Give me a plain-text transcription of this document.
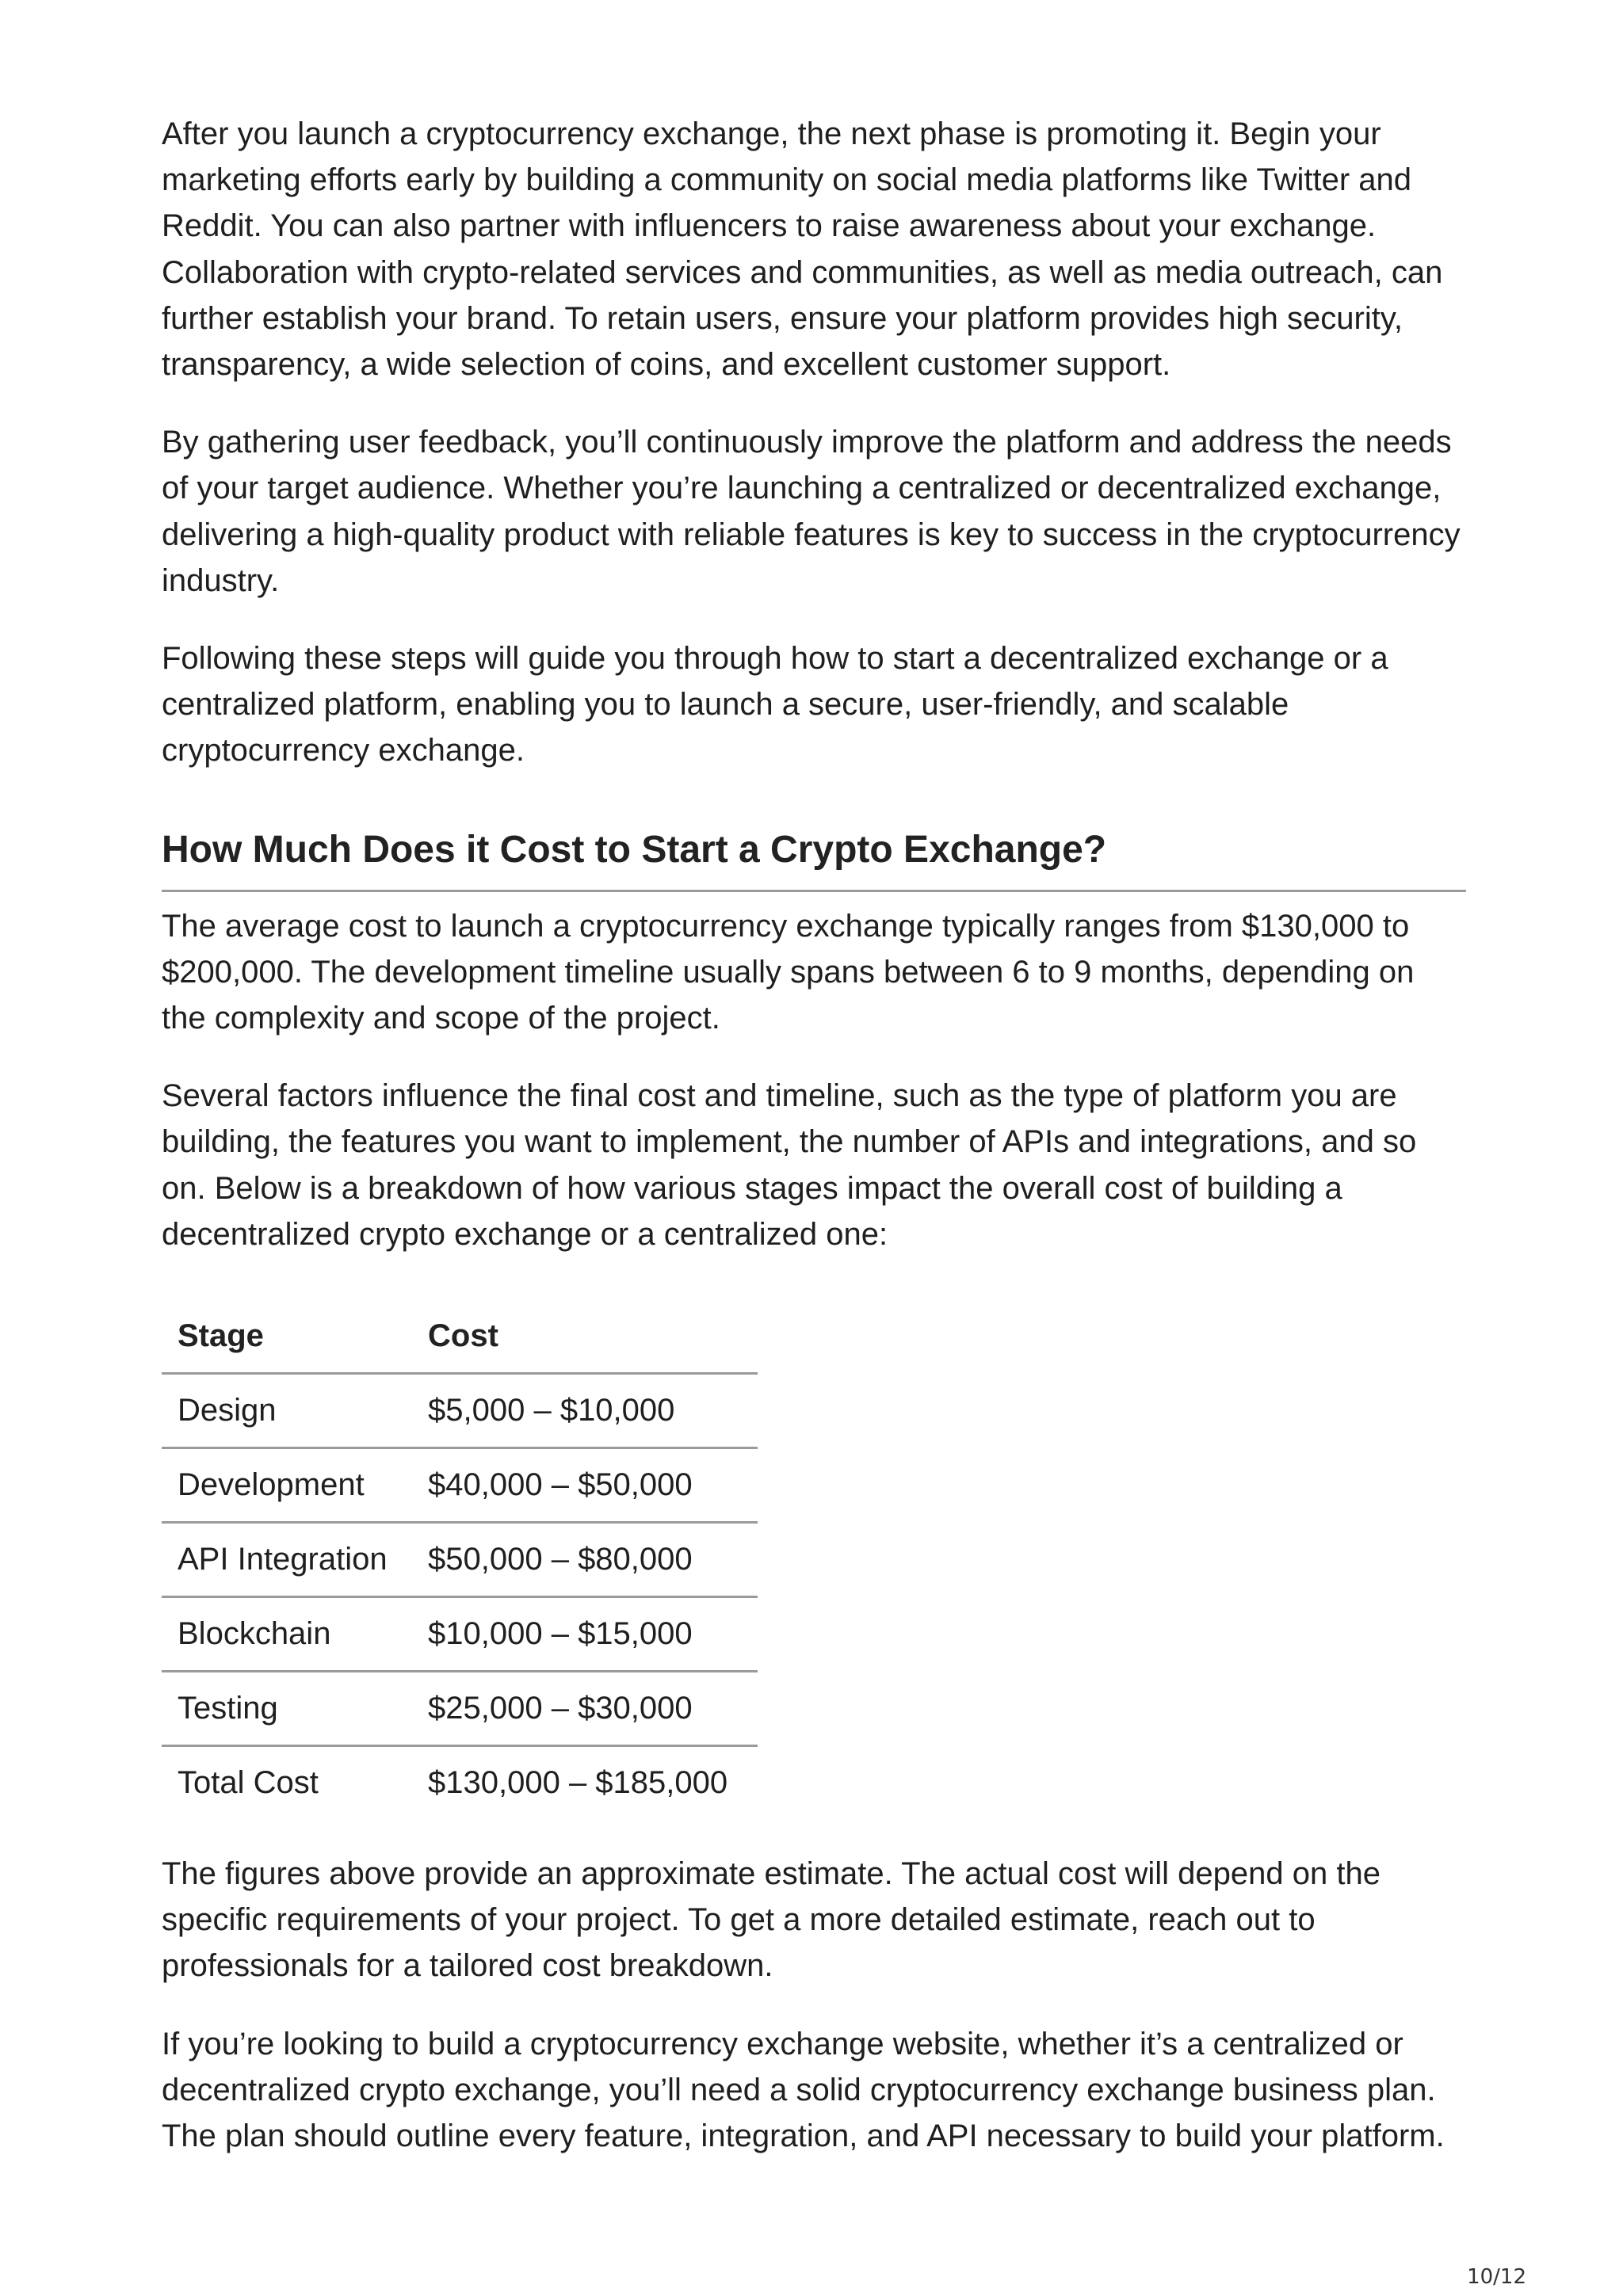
After you launch a cryptocurrency exchange, the next phase is promoting it. Begin your marketing efforts early by building a community on social media platforms like Twitter and Reddit. You can also partner with influencers to raise awareness about your exchange. Collaboration with crypto-related services and communities, as well as media outreach, can further establish your brand. To retain users, ensure your platform provides high security, transparency, a wide selection of coins, and excellent customer support.

By gathering user feedback, you’ll continuously improve the platform and address the needs of your target audience. Whether you’re launching a centralized or decentralized exchange, delivering a high-quality product with reliable features is key to success in the cryptocurrency industry.

Following these steps will guide you through how to start a decentralized exchange or a centralized platform, enabling you to launch a secure, user-friendly, and scalable cryptocurrency exchange.

How Much Does it Cost to Start a Crypto Exchange?

The average cost to launch a cryptocurrency exchange typically ranges from $130,000 to $200,000. The development timeline usually spans between 6 to 9 months, depending on the complexity and scope of the project.

Several factors influence the final cost and timeline, such as the type of platform you are building, the features you want to implement, the number of APIs and integrations, and so on. Below is a breakdown of how various stages impact the overall cost of building a decentralized crypto exchange or a centralized one:

Stage	Cost
Design	$5,000 – $10,000
Development	$40,000 – $50,000
API Integration	$50,000 – $80,000
Blockchain	$10,000 – $15,000
Testing	$25,000 – $30,000
Total Cost	$130,000 – $185,000

The figures above provide an approximate estimate. The actual cost will depend on the specific requirements of your project. To get a more detailed estimate, reach out to professionals for a tailored cost breakdown.

If you’re looking to build a cryptocurrency exchange website, whether it’s a centralized or decentralized crypto exchange, you’ll need a solid cryptocurrency exchange business plan. The plan should outline every feature, integration, and API necessary to build your platform.

10/12
